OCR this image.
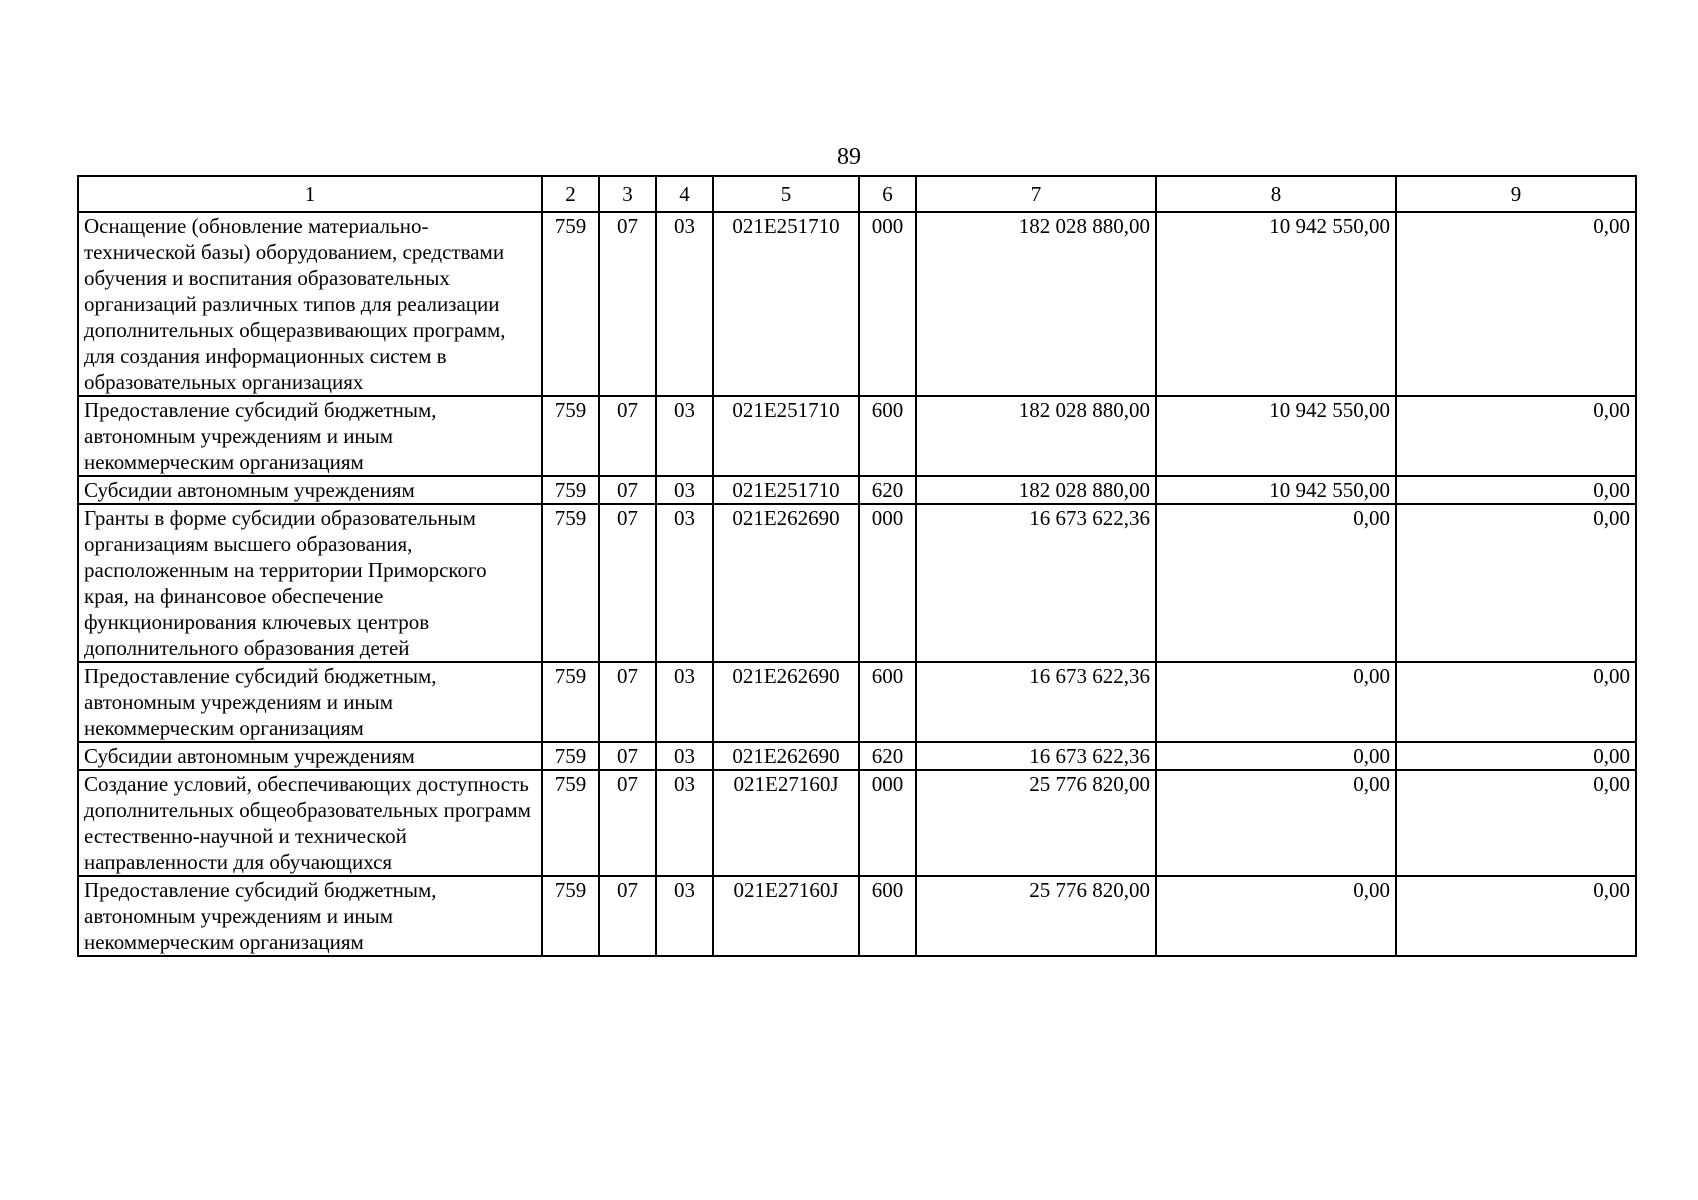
89
1	2	3	4	5	6	7	8	9
Оснащение (обновление материально-технической базы) оборудованием, средствами обучения и воспитания образовательных организаций различных типов для реализации дополнительных общеразвивающих программ, для создания информационных систем в образовательных организациях	759	07	03	021E251710	000	182 028 880,00	10 942 550,00	0,00
Предоставление субсидий бюджетным, автономным учреждениям и иным некоммерческим организациям	759	07	03	021E251710	600	182 028 880,00	10 942 550,00	0,00
Субсидии автономным учреждениям	759	07	03	021E251710	620	182 028 880,00	10 942 550,00	0,00
Гранты в форме субсидии образовательным организациям высшего образования, расположенным на территории Приморского края, на финансовое обеспечение функционирования ключевых центров дополнительного образования детей	759	07	03	021E262690	000	16 673 622,36	0,00	0,00
Предоставление субсидий бюджетным, автономным учреждениям и иным некоммерческим организациям	759	07	03	021E262690	600	16 673 622,36	0,00	0,00
Субсидии автономным учреждениям	759	07	03	021E262690	620	16 673 622,36	0,00	0,00
Создание условий, обеспечивающих доступность дополнительных общеобразовательных программ естественно-научной и технической направленности для обучающихся	759	07	03	021E27160J	000	25 776 820,00	0,00	0,00
Предоставление субсидий бюджетным, автономным учреждениям и иным некоммерческим организациям	759	07	03	021E27160J	600	25 776 820,00	0,00	0,00
